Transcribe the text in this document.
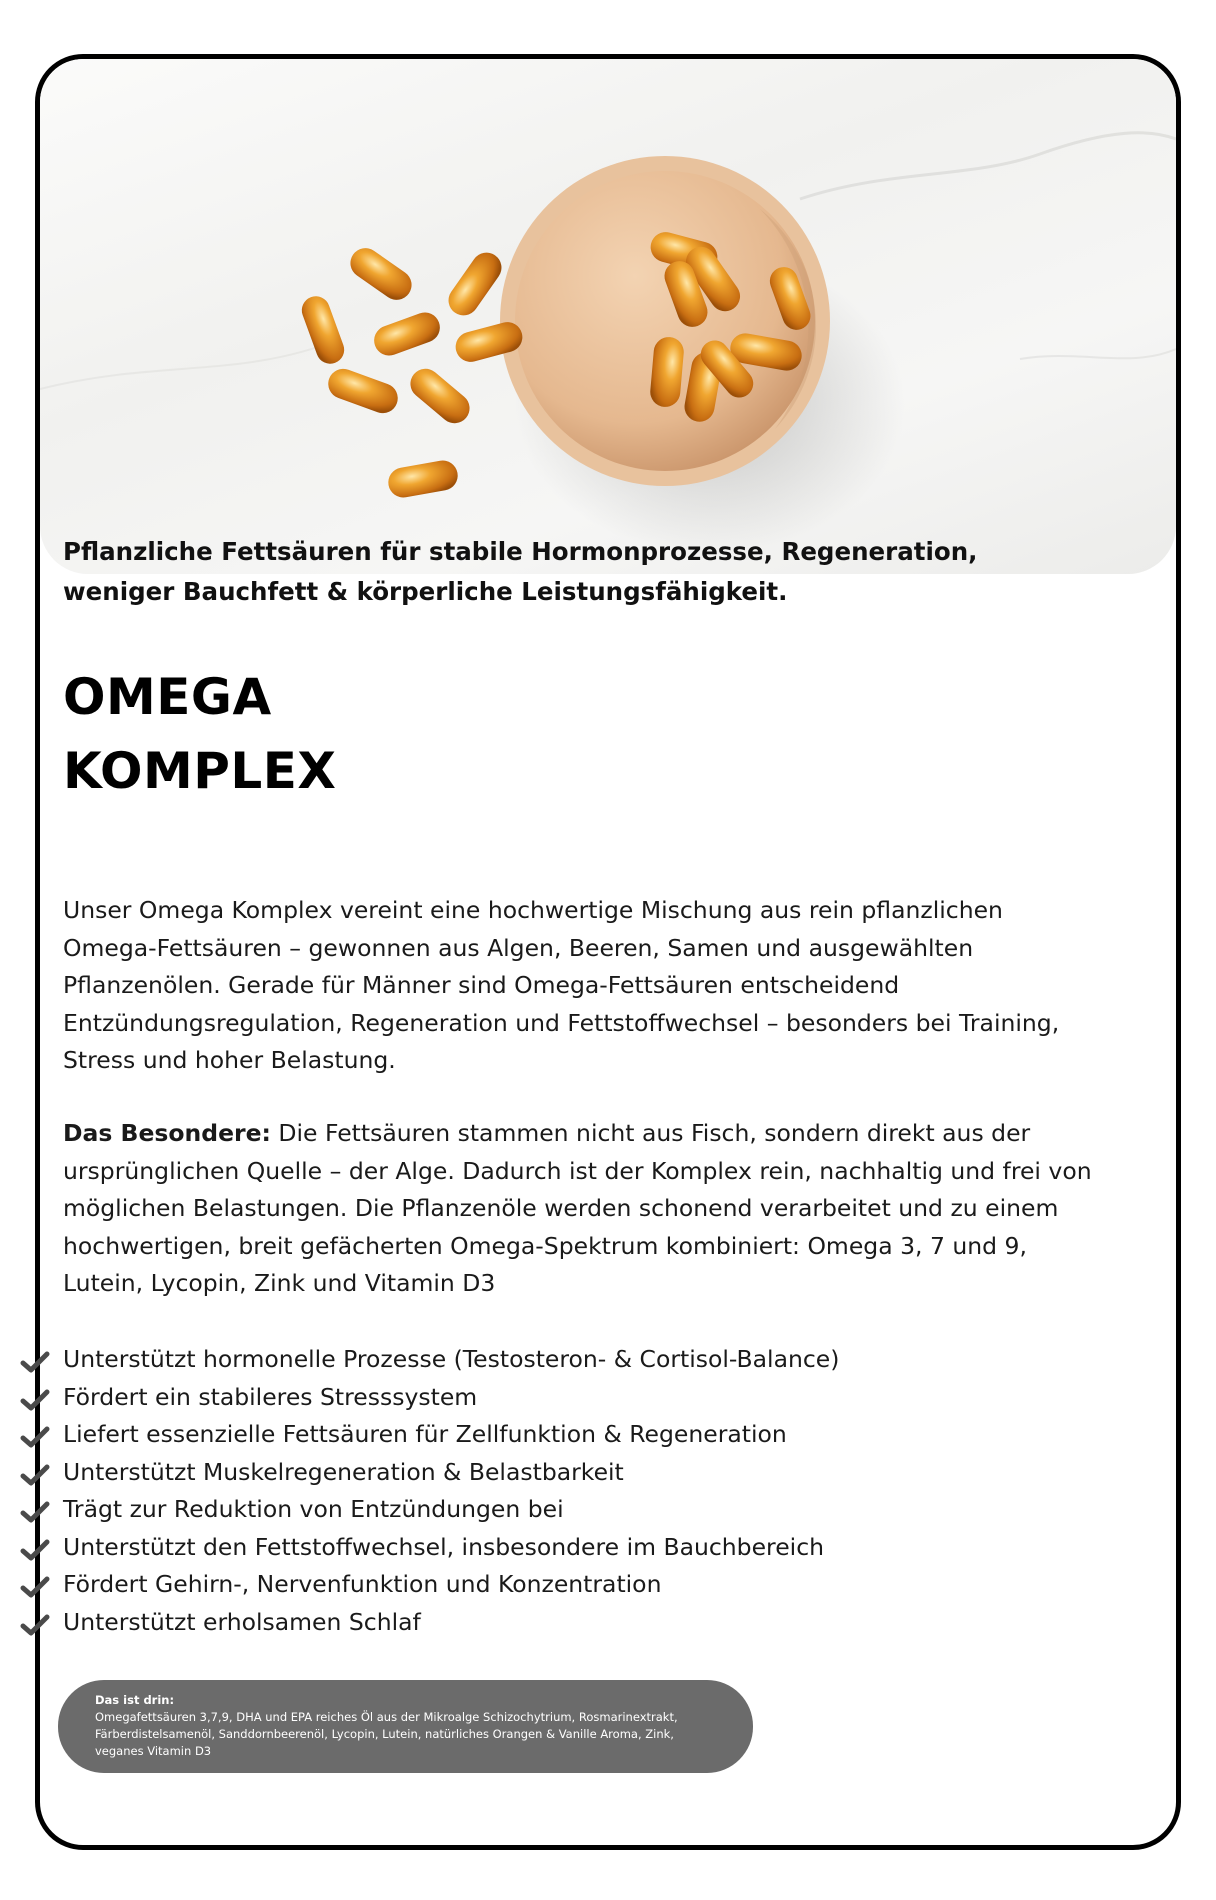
Pflanzliche Fettsäuren für stabile Hormonprozesse, Regeneration, weniger Bauchfett & körperliche Leistungsfähigkeit.
OMEGA
KOMPLEX

Unser Omega Komplex vereint eine hochwertige Mischung aus rein pflanzlichen Omega-Fettsäuren – gewonnen aus Algen, Beeren, Samen und ausgewählten Pflanzenölen. Gerade für Männer sind Omega-Fettsäuren entscheidend Entzündungsregulation, Regeneration und Fettstoffwechsel – besonders bei Training, Stress und hoher Belastung.

Das Besondere: Die Fettsäuren stammen nicht aus Fisch, sondern direkt aus der ursprünglichen Quelle – der Alge. Dadurch ist der Komplex rein, nachhaltig und frei von möglichen Belastungen. Die Pflanzenöle werden schonend verarbeitet und zu einem hochwertigen, breit gefächerten Omega-Spektrum kombiniert: Omega 3, 7 und 9, Lutein, Lycopin, Zink und Vitamin D3

Unterstützt hormonelle Prozesse (Testosteron- & Cortisol-Balance)
Fördert ein stabileres Stresssystem
Liefert essenzielle Fettsäuren für Zellfunktion & Regeneration
Unterstützt Muskelregeneration & Belastbarkeit
Trägt zur Reduktion von Entzündungen bei
Unterstützt den Fettstoffwechsel, insbesondere im Bauchbereich
Fördert Gehirn-, Nervenfunktion und Konzentration
Unterstützt erholsamen Schlaf
Das ist drin:
Omegafettsäuren 3,7,9, DHA und EPA reiches Öl aus der Mikroalge Schizochytrium, Rosmarinextrakt, Färberdistelsamenöl, Sanddornbeerenöl, Lycopin, Lutein, natürliches Orangen & Vanille Aroma, Zink, veganes Vitamin D3
